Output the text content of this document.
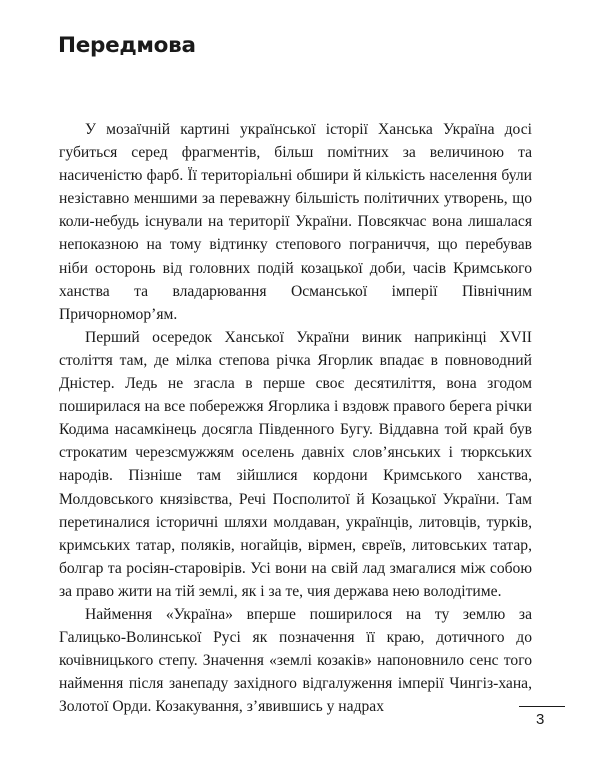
Передмова

У мозаїчній картині української історії Ханська Україна досі губиться серед фрагментів, більш помітних за величиною та насиченістю фарб. Її територіальні обшири й кількість населення були незіставно меншими за переважну більшість політичних утворень, що коли-небудь існували на території України. Повсякчас вона лишалася непоказною на тому відтинку степового пограниччя, що перебував ніби осторонь від головних подій козацької доби, часів Кримського ханства та владарювання Османської імперії Північним Причорномор’ям.

Перший осередок Ханської України виник наприкінці XVII століття там, де мілка степова річка Ягорлик впадає в повноводний Дністер. Ледь не згасла в перше своє десятиліття, вона згодом поширилася на все побережжя Ягорлика і вздовж правого берега річки Кодима насамкінець досягла Південного Бугу. Віддавна той край був строкатим черезсмужжям оселень давніх слов’янських і тюркських народів. Пізніше там зійшлися кордони Кримського ханства, Молдовського князівства, Речі Посполитої й Козацької України. Там перетиналися історичні шляхи молдаван, українців, литовців, турків, кримських татар, поляків, ногайців, вірмен, євреїв, литовських татар, болгар та росіян-старовірів. Усі вони на свій лад змагалися між собою за право жити на тій землі, як і за те, чия держава нею володітиме.

Наймення «Україна» вперше поширилося на ту землю за Галицько-Волинської Русі як позначення її краю, дотичного до кочівницького степу. Значення «землі козаків» напоновнило сенс того наймення після занепаду західного відгалуження імперії Чингіз-хана, Золотої Орди. Козакування, з’явившись у надрах

3
